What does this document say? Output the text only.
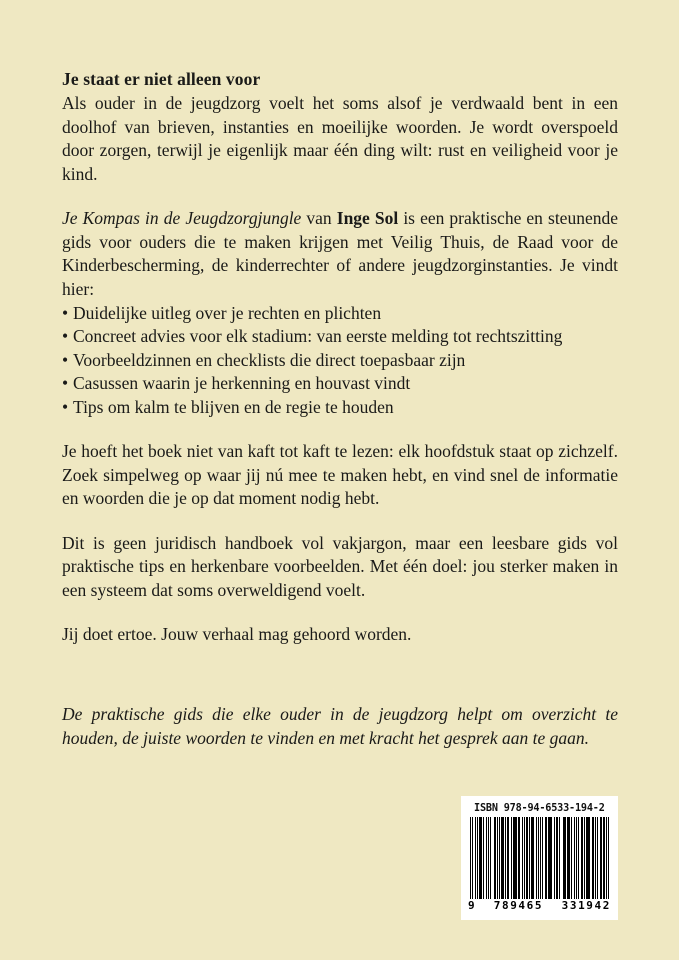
Je staat er niet alleen voor

Als ouder in de jeugdzorg voelt het soms alsof je verdwaald bent in een doolhof van brieven, instanties en moeilijke woorden. Je wordt overspoeld door zorgen, terwijl je eigenlijk maar één ding wilt: rust en veiligheid voor je kind.

Je Kompas in de Jeugdzorgjungle van Inge Sol is een praktische en steunende gids voor ouders die te maken krijgen met Veilig Thuis, de Raad voor de Kinderbescherming, de kinderrechter of andere jeugdzorginstanties. Je vindt hier:

• Duidelijke uitleg over je rechten en plichten
• Concreet advies voor elk stadium: van eerste melding tot rechtszitting
• Voorbeeldzinnen en checklists die direct toepasbaar zijn
• Casussen waarin je herkenning en houvast vindt
• Tips om kalm te blijven en de regie te houden

Je hoeft het boek niet van kaft tot kaft te lezen: elk hoofdstuk staat op zichzelf. Zoek simpelweg op waar jij nú mee te maken hebt, en vind snel de informatie en woorden die je op dat moment nodig hebt.

Dit is geen juridisch handboek vol vakjargon, maar een leesbare gids vol praktische tips en herkenbare voorbeelden. Met één doel: jou sterker maken in een systeem dat soms overweldigend voelt.

Jij doet ertoe. Jouw verhaal mag gehoord worden.

De praktische gids die elke ouder in de jeugdzorg helpt om overzicht te houden, de juiste woorden te vinden en met kracht het gesprek aan te gaan.

ISBN 978-94-6533-194-2
9 789465 331942
